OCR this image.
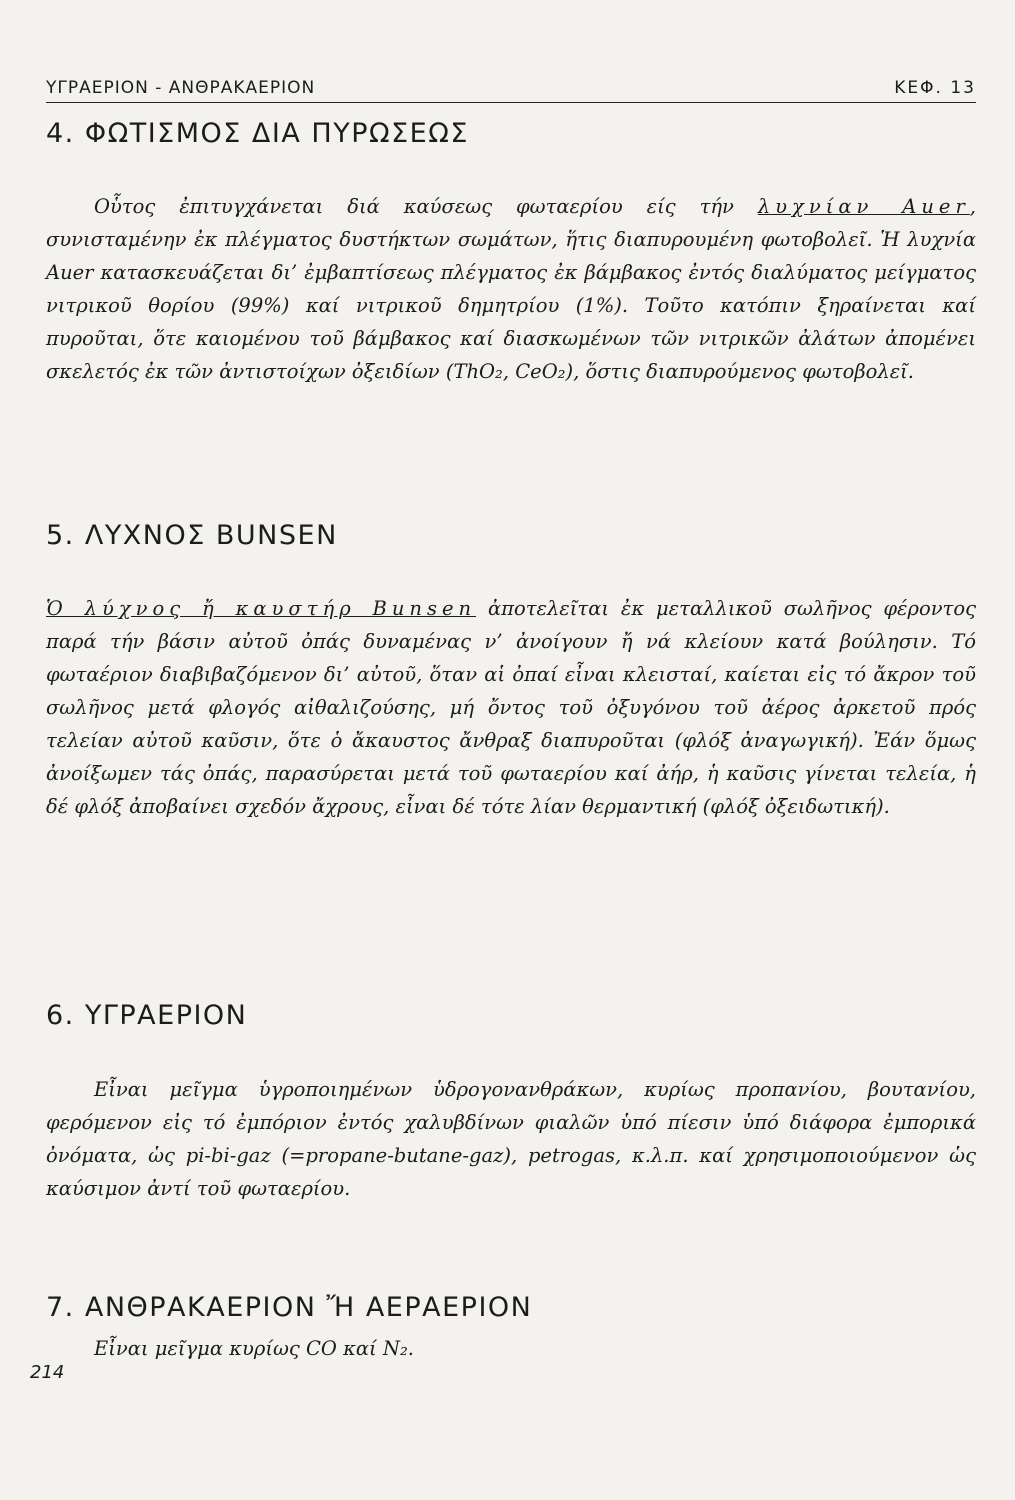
ΥΓΡΑΕΡΙΟΝ - ΑΝΘΡΑΚΑΕΡΙΟΝ	ΚΕΦ. 13
4. ΦΩΤΙΣΜΟΣ ΔΙΑ ΠΥΡΩΣΕΩΣ

Οὗτος ἐπιτυγχάνεται διά καύσεως φωταερίου είς τήν λυχνίαν Auer, συνισταμένην ἐκ πλέγματος δυστήκτων σωμάτων, ἥτις διαπυρουμένη φωτοβολεῖ. Ἡ λυχνία Auer κατασκευάζεται δι’ ἐμβαπτίσεως πλέγματος ἐκ βάμβακος ἐντός διαλύματος μείγματος νιτρικοῦ θορίου (99%) καί νιτρικοῦ δημητρίου (1%). Τοῦτο κατόπιν ξηραίνεται καί πυροῦται, ὅτε καιομένου τοῦ βάμβακος καί διασκωμένων τῶν νιτρικῶν ἀλάτων ἀπομένει σκελετός ἐκ τῶν ἀντιστοίχων ὀξειδίων (ThO₂, CeO₂), ὅστις διαπυρούμενος φωτοβολεῖ.

5. ΛΥΧΝΟΣ BUNSEN

Ὁ λύχνος ἤ καυστήρ Bunsen ἀποτελεῖται ἐκ μεταλλικοῦ σωλῆνος φέροντος παρά τήν βάσιν αὐτοῦ ὀπάς δυναμένας ν’ ἀνοίγουν ἤ νά κλείουν κατά βούλησιν. Τό φωταέριον διαβιβαζόμενον δι’ αὐτοῦ, ὅταν αἱ ὀπαί εἶναι κλεισταί, καίεται εἰς τό ἄκρον τοῦ σωλῆνος μετά φλογός αἰθαλιζούσης, μή ὄντος τοῦ ὀξυγόνου τοῦ ἀέρος ἀρκετοῦ πρός τελείαν αὐτοῦ καῦσιν, ὅτε ὁ ἄκαυστος ἄνθραξ διαπυροῦται (φλόξ ἀναγωγική). Ἐάν ὅμως ἀνοίξωμεν τάς ὀπάς, παρασύρεται μετά τοῦ φωταερίου καί ἀήρ, ἡ καῦσις γίνεται τελεία, ἡ δέ φλόξ ἀποβαίνει σχεδόν ἄχρους, εἶναι δέ τότε λίαν θερμαντική (φλόξ ὀξειδωτική).

6. ΥΓΡΑΕΡΙΟΝ

Εἶναι μεῖγμα ὑγροποιημένων ὑδρογονανθράκων, κυρίως προπανίου, βουτανίου, φερόμενον εἰς τό ἐμπόριον ἐντός χαλυβδίνων φιαλῶν ὑπό πίεσιν ὑπό διάφορα ἐμπορικά ὀνόματα, ὡς pi-bi-gaz (=propane-butane-gaz), petrogas, κ.λ.π. καί χρησιμοποιούμενον ὡς καύσιμον ἀντί τοῦ φωταερίου.

7. ΑΝΘΡΑΚΑΕΡΙΟΝ Ἤ ΑΕΡΑΕΡΙΟΝ

Εἶναι μεῖγμα κυρίως CO καί N₂.

214
